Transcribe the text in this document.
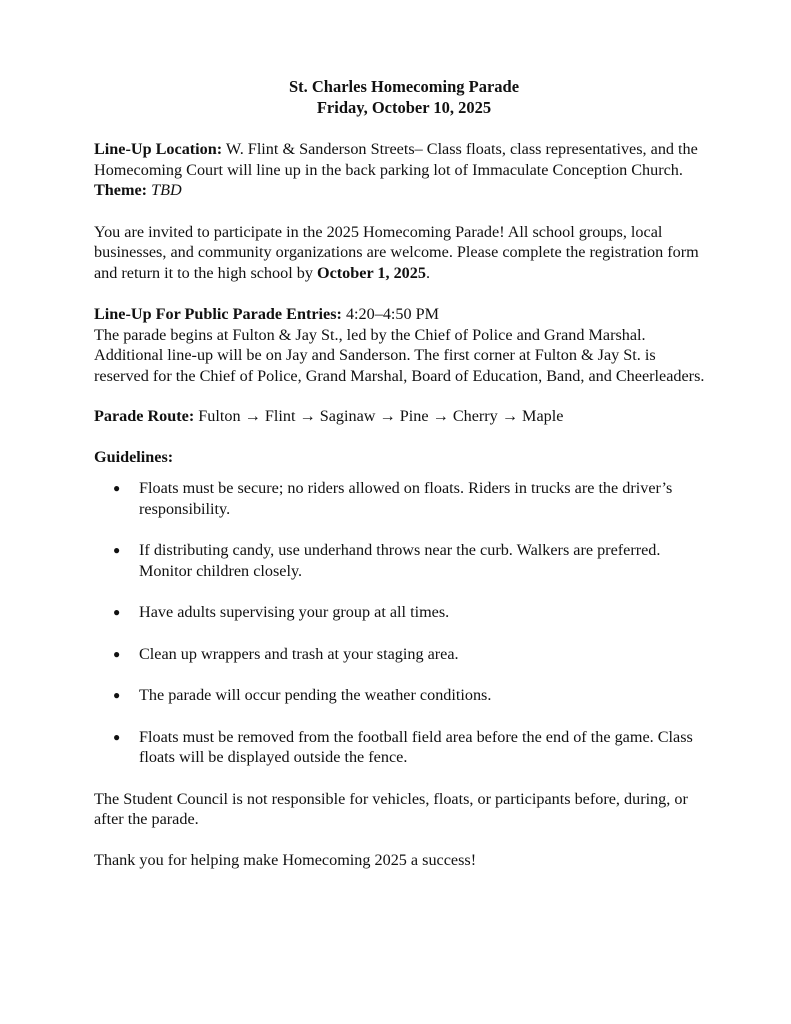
St. Charles Homecoming Parade
Friday, October 10, 2025

Line-Up Location: W. Flint & Sanderson Streets– Class floats, class representatives, and the Homecoming Court will line up in the back parking lot of Immaculate Conception Church.

Theme: TBD

You are invited to participate in the 2025 Homecoming Parade! All school groups, local businesses, and community organizations are welcome. Please complete the registration form and return it to the high school by October 1, 2025.

Line-Up For Public Parade Entries: 4:20–4:50 PM

The parade begins at Fulton & Jay St., led by the Chief of Police and Grand Marshal. Additional line-up will be on Jay and Sanderson. The first corner at Fulton & Jay St. is reserved for the Chief of Police, Grand Marshal, Board of Education, Band, and Cheerleaders.

Parade Route: Fulton → Flint → Saginaw → Pine → Cherry → Maple

Guidelines:

● Floats must be secure; no riders allowed on floats. Riders in trucks are the driver’s responsibility.
● If distributing candy, use underhand throws near the curb. Walkers are preferred. Monitor children closely.
● Have adults supervising your group at all times.
● Clean up wrappers and trash at your staging area.
● The parade will occur pending the weather conditions.
● Floats must be removed from the football field area before the end of the game. Class floats will be displayed outside the fence.

The Student Council is not responsible for vehicles, floats, or participants before, during, or after the parade.

Thank you for helping make Homecoming 2025 a success!
